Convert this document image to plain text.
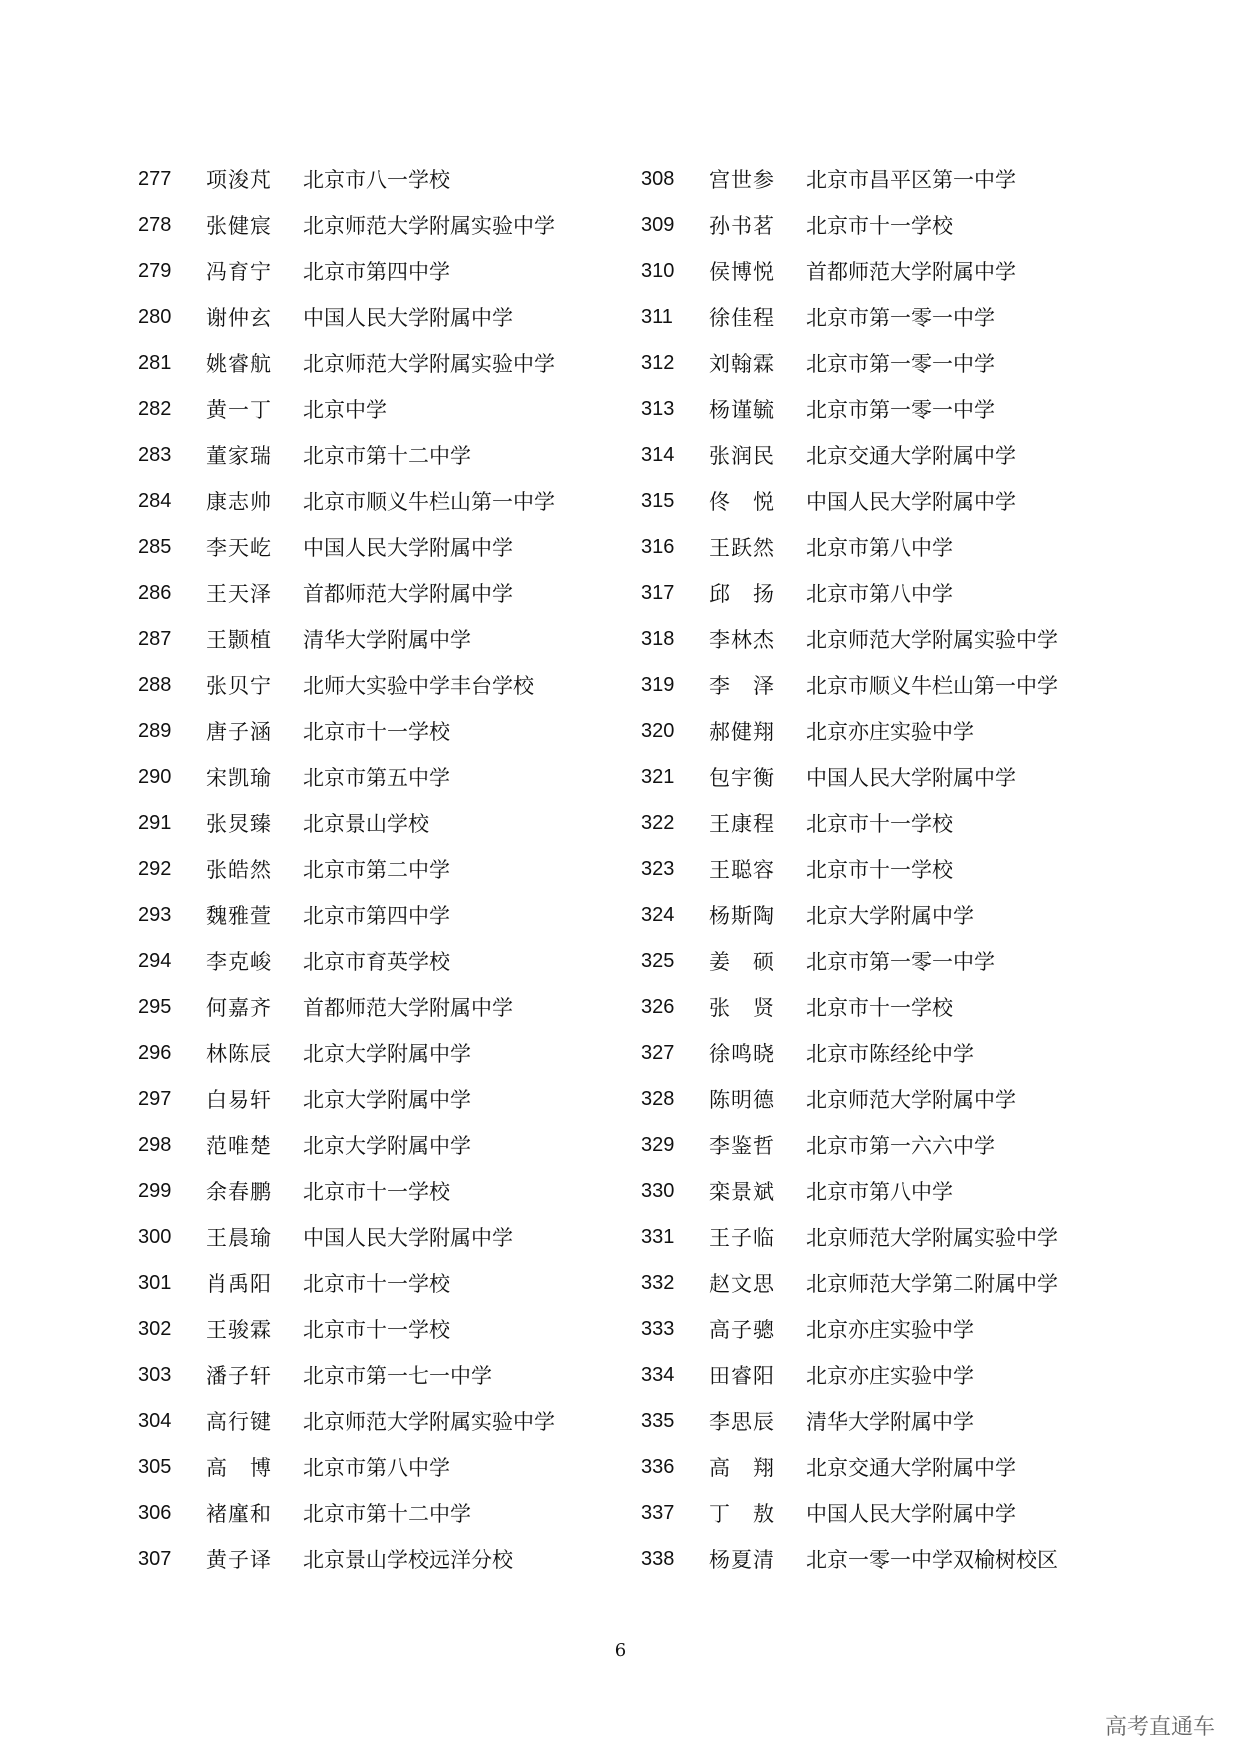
277	项浚芃	北京市八一学校
278	张健宸	北京师范大学附属实验中学
279	冯育宁	北京市第四中学
280	谢仲玄	中国人民大学附属中学
281	姚睿航	北京师范大学附属实验中学
282	黄一丁	北京中学
283	董家瑞	北京市第十二中学
284	康志帅	北京市顺义牛栏山第一中学
285	李天屹	中国人民大学附属中学
286	王天泽	首都师范大学附属中学
287	王颢植	清华大学附属中学
288	张贝宁	北师大实验中学丰台学校
289	唐子涵	北京市十一学校
290	宋凯瑜	北京市第五中学
291	张炅臻	北京景山学校
292	张皓然	北京市第二中学
293	魏雅萱	北京市第四中学
294	李克峻	北京市育英学校
295	何嘉齐	首都师范大学附属中学
296	林陈辰	北京大学附属中学
297	白易轩	北京大学附属中学
298	范唯楚	北京大学附属中学
299	余春鹏	北京市十一学校
300	王晨瑜	中国人民大学附属中学
301	肖禹阳	北京市十一学校
302	王骏霖	北京市十一学校
303	潘子轩	北京市第一七一中学
304	高行键	北京师范大学附属实验中学
305	高　博	北京市第八中学
306	褚廑和	北京市第十二中学
307	黄子译	北京景山学校远洋分校
308	宫世参	北京市昌平区第一中学
309	孙书茗	北京市十一学校
310	侯博悦	首都师范大学附属中学
311	徐佳程	北京市第一零一中学
312	刘翰霖	北京市第一零一中学
313	杨谨毓	北京市第一零一中学
314	张润民	北京交通大学附属中学
315	佟　悦	中国人民大学附属中学
316	王跃然	北京市第八中学
317	邱　扬	北京市第八中学
318	李林杰	北京师范大学附属实验中学
319	李　泽	北京市顺义牛栏山第一中学
320	郝健翔	北京亦庄实验中学
321	包宇衡	中国人民大学附属中学
322	王康程	北京市十一学校
323	王聪容	北京市十一学校
324	杨斯陶	北京大学附属中学
325	姜　硕	北京市第一零一中学
326	张　贤	北京市十一学校
327	徐鸣晓	北京市陈经纶中学
328	陈明德	北京师范大学附属中学
329	李鉴哲	北京市第一六六中学
330	栾景斌	北京市第八中学
331	王子临	北京师范大学附属实验中学
332	赵文思	北京师范大学第二附属中学
333	高子骢	北京亦庄实验中学
334	田睿阳	北京亦庄实验中学
335	李思辰	清华大学附属中学
336	高　翔	北京交通大学附属中学
337	丁　敖	中国人民大学附属中学
338	杨夏清	北京一零一中学双榆树校区
6
高考直通车
